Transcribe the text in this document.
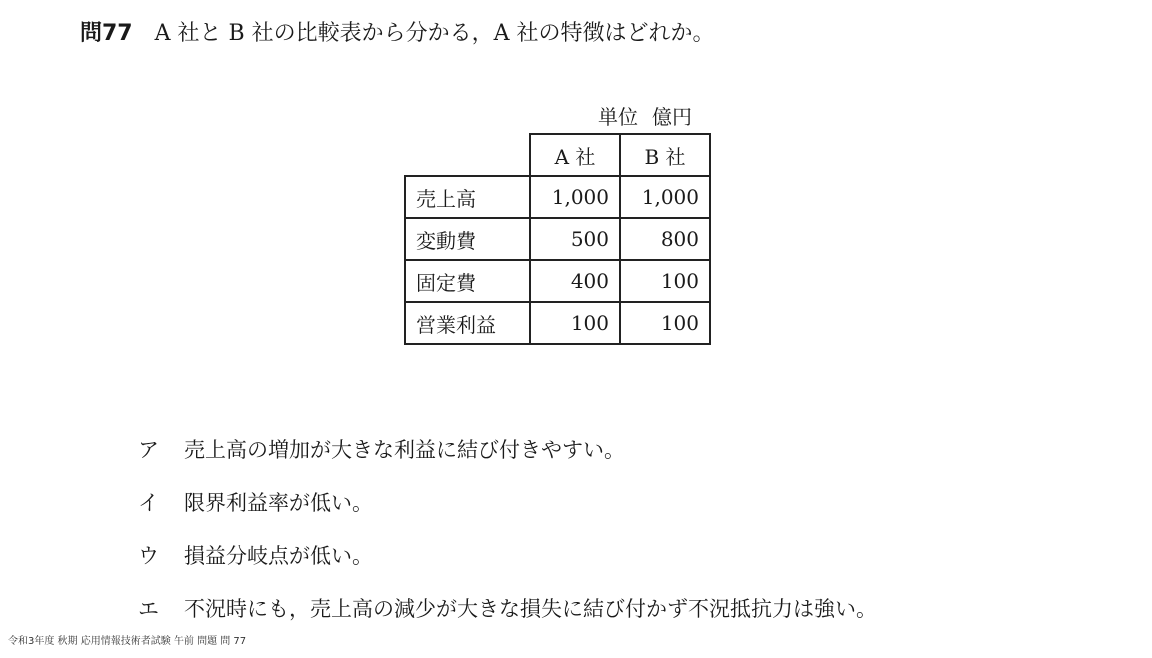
問77 A 社と B 社の比較表から分かる，A 社の特徴はどれか。
単位 億円
	A 社	B 社
売上高	1,000	1,000
変動費	500	800
固定費	400	100
営業利益	100	100
ア	売上高の増加が大きな利益に結び付きやすい。
イ	限界利益率が低い。
ウ	損益分岐点が低い。
エ	不況時にも，売上高の減少が大きな損失に結び付かず不況抵抗力は強い。
令和3年度 秋期 応用情報技術者試験 午前 問題 問 77
